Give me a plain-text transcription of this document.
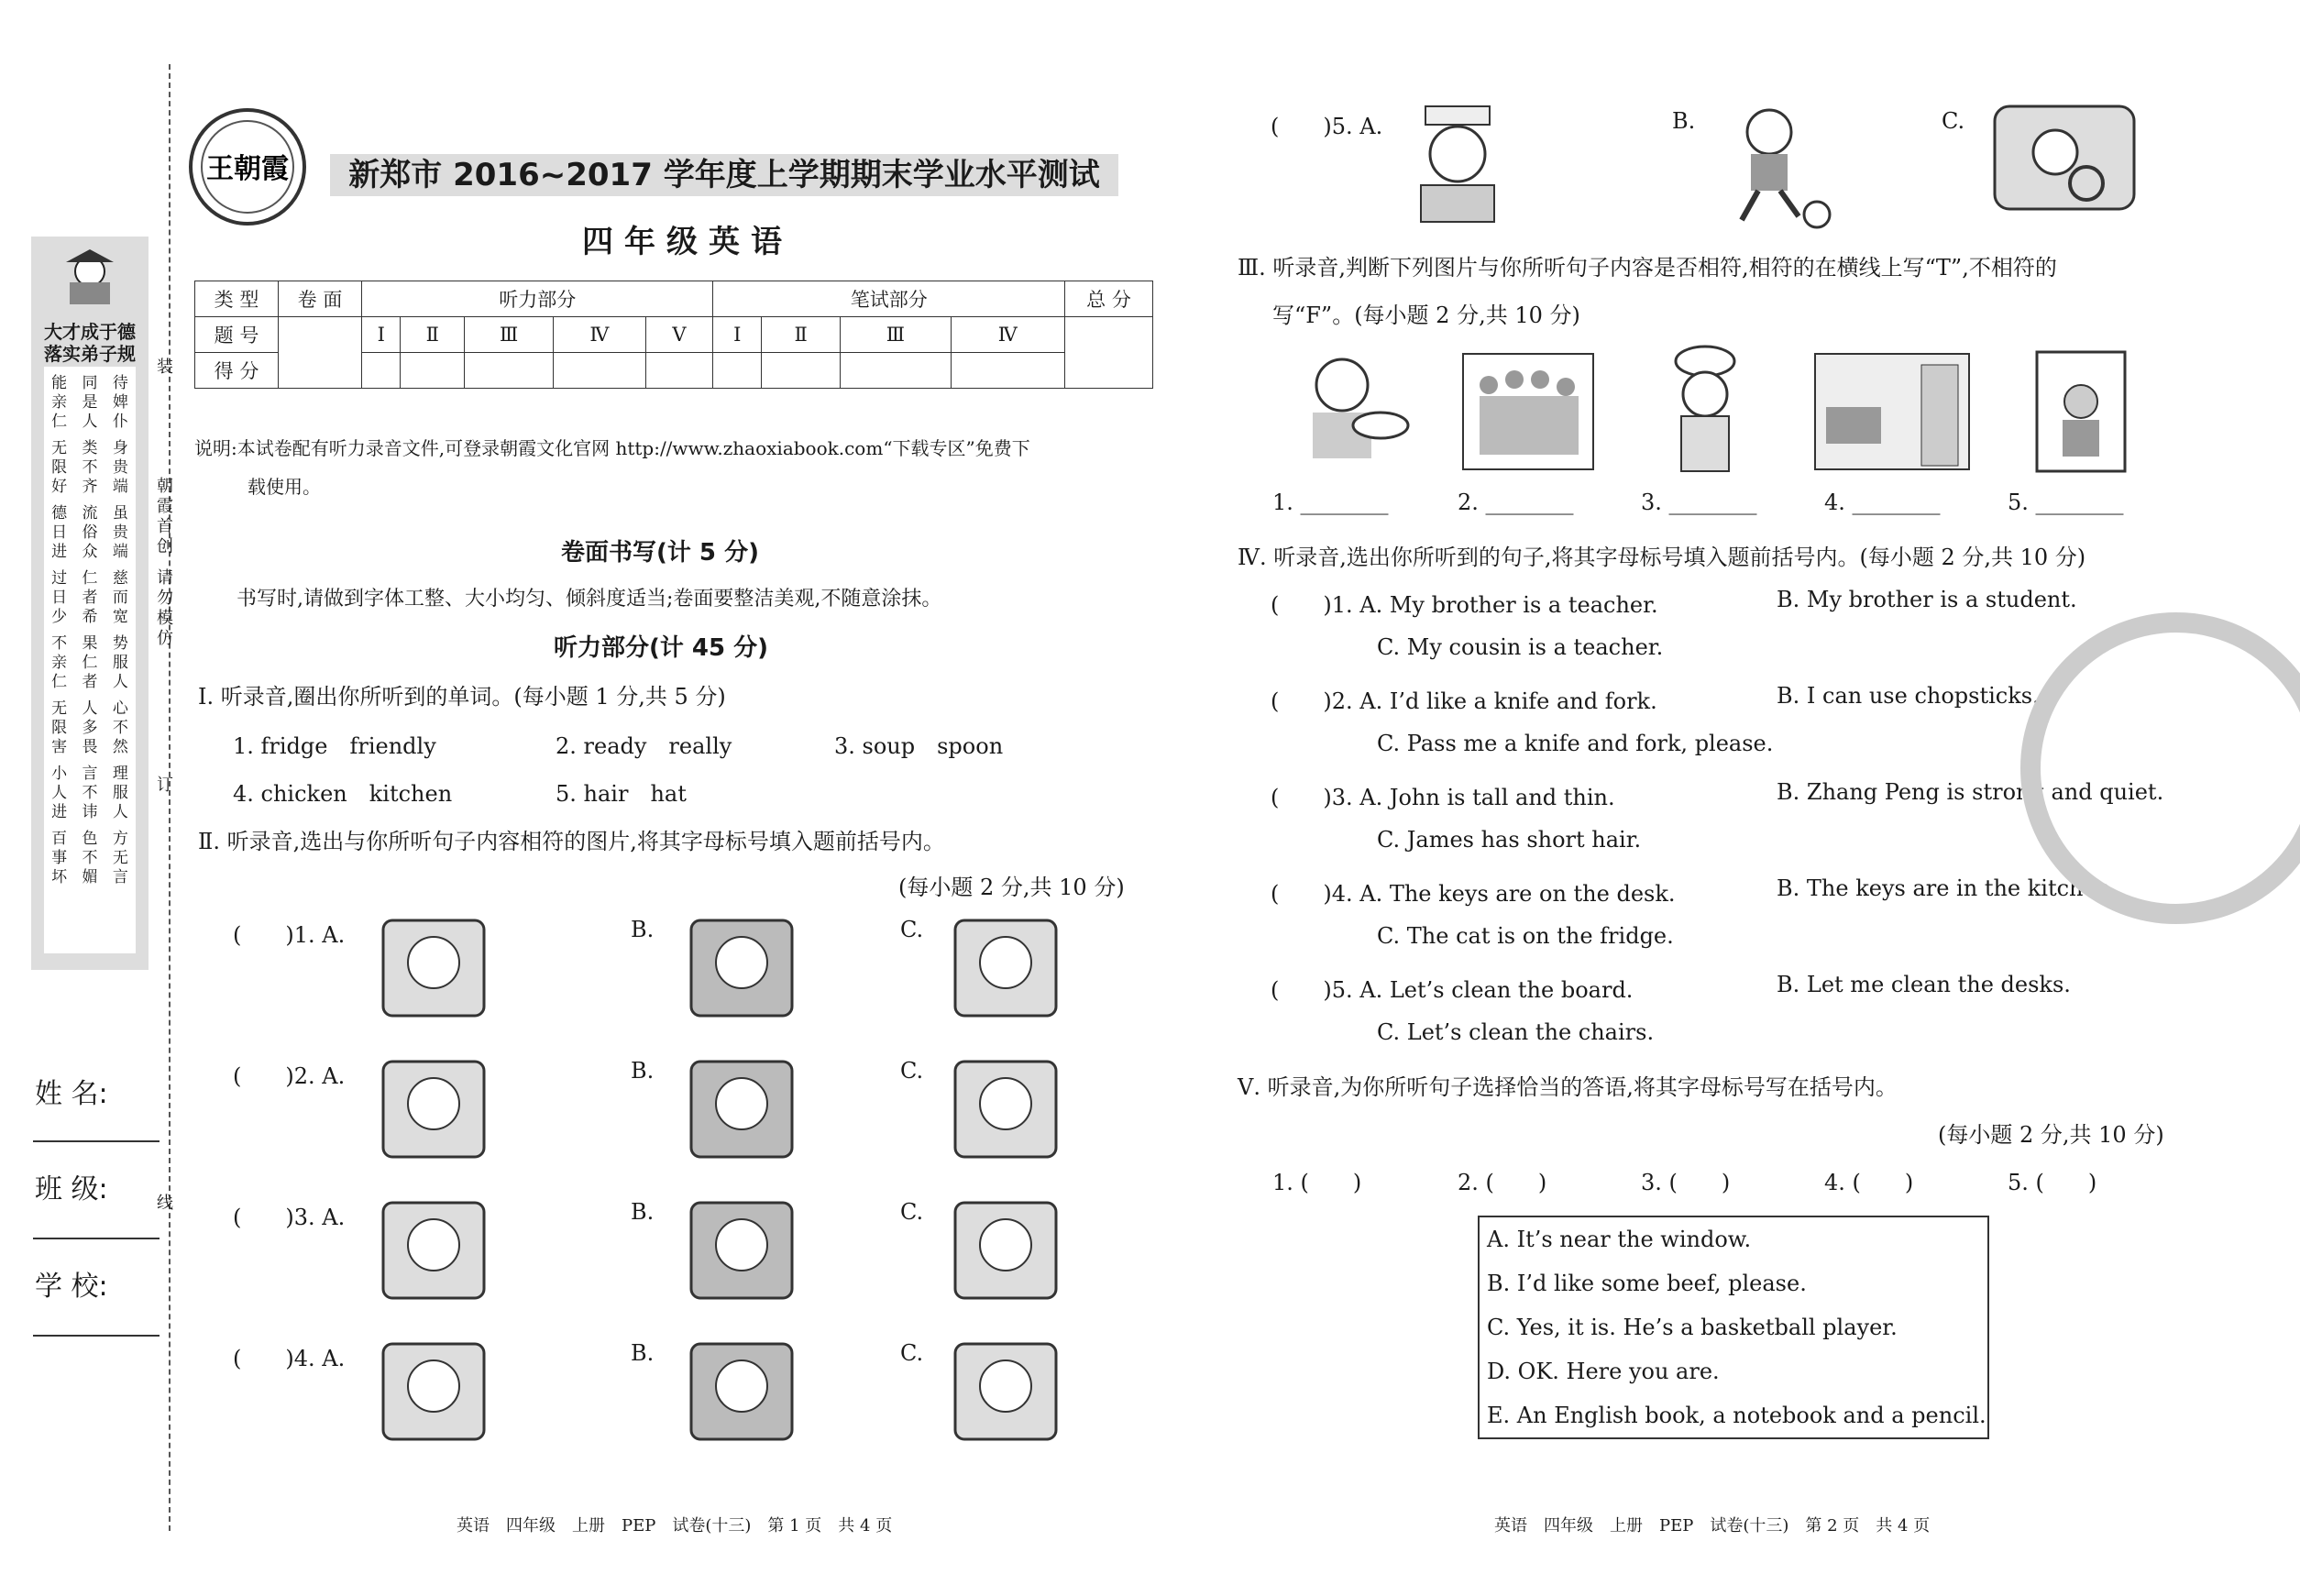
大才成于德
落实弟子规
能亲仁
同是人
待婢仆
无限好
类不齐
身贵端
德日进
流俗众
虽贵端
过日少
仁者希
慈而宽
不亲仁
果仁者
势服人
无限害
人多畏
心不然
小人进
言不讳
理服人
百事坏
色不媚
方无言
姓 名:
班 级:
学 校:
装
朝霞首创
请勿模仿
订
线
王朝霞	新郑市 2016~2017 学年度上学期期末学业水平测试
四年级英语
类 型	卷 面	听力部分					笔试部分				总 分
题 号		Ⅰ	Ⅱ	Ⅲ	Ⅳ	Ⅴ	Ⅰ	Ⅱ	Ⅲ	Ⅳ	
得 分											
说明:本试卷配有听力录音文件,可登录朝霞文化官网 http://www.zhaoxiabook.com“下载专区”免费下
载使用。
卷面书写(计 5 分)
书写时,请做到字体工整、大小均匀、倾斜度适当;卷面要整洁美观,不随意涂抹。
听力部分(计 45 分)
Ⅰ. 听录音,圈出你所听到的单词。(每小题 1 分,共 5 分)
1. fridge　friendly	2. ready　really	3. soup　spoon
4. chicken　kitchen	5. hair　hat
Ⅱ. 听录音,选出与你所听句子内容相符的图片,将其字母标号填入题前括号内。
(每小题 2 分,共 10 分)
(　　)1. A.	B.	C.
(　　)2. A.	B.	C.
(　　)3. A.	B.	C.
(　　)4. A.	B.	C.
(　　)5. A.	B.	C.
Ⅲ. 听录音,判断下列图片与你所听句子内容是否相符,相符的在横线上写“T”,不相符的
写“F”。(每小题 2 分,共 10 分)
1. ________	2. ________	3. ________	4. ________	5. ________
Ⅳ. 听录音,选出你所听到的句子,将其字母标号填入题前括号内。(每小题 2 分,共 10 分)
(　　)1. A. My brother is a teacher.	B. My brother is a student.
C. My cousin is a teacher.
(　　)2. A. I’d like a knife and fork.	B. I can use chopsticks.
C. Pass me a knife and fork, please.
(　　)3. A. John is tall and thin.	B. Zhang Peng is strong and quiet.
C. James has short hair.
(　　)4. A. The keys are on the desk.	B. The keys are in the kitchen.
C. The cat is on the fridge.
(　　)5. A. Let’s clean the board.	B. Let me clean the desks.
C. Let’s clean the chairs.
Ⅴ. 听录音,为你所听句子选择恰当的答语,将其字母标号写在括号内。
(每小题 2 分,共 10 分)
1. (　　)	2. (　　)	3. (　　)	4. (　　)	5. (　　)
A. It’s near the window.
B. I’d like some beef, please.
C. Yes, it is. He’s a basketball player.
D. OK. Here you are.
E. An English book, a notebook and a pencil.
英语　四年级　上册　PEP　试卷(十三)　第 1 页　共 4 页	英语　四年级　上册　PEP　试卷(十三)　第 2 页　共 4 页
